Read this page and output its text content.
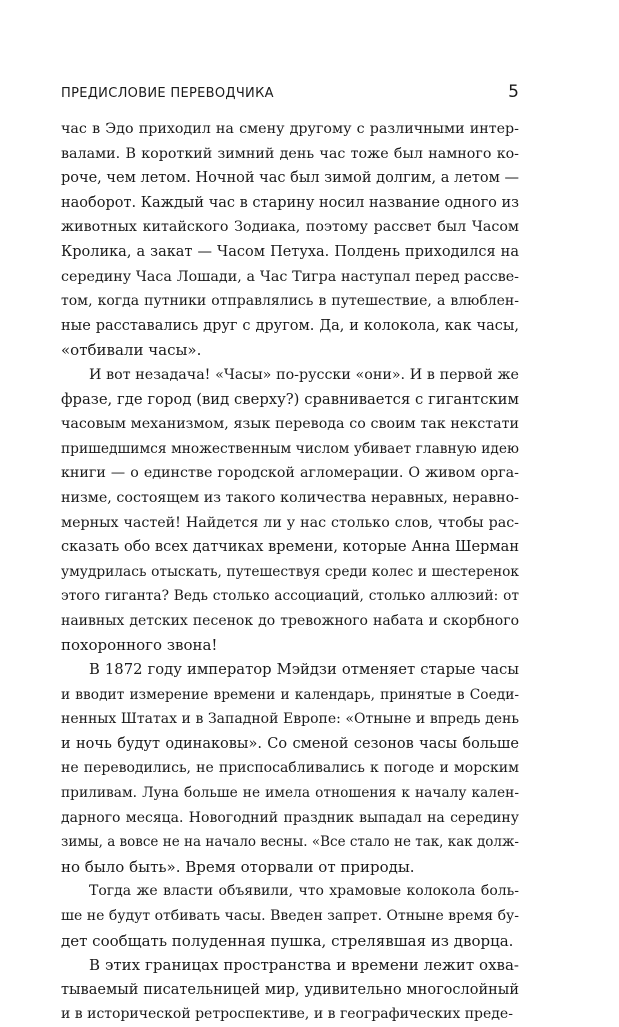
ПРЕДИСЛОВИЕ ПЕРЕВОДЧИКА	5

час в Эдо приходил на смену другому с различными интер-
валами. В короткий зимний день час тоже был намного ко-
роче, чем летом. Ночной час был зимой долгим, а летом —
наоборот. Каждый час в старину носил название одного из
животных китайского Зодиака, поэтому рассвет был Часом
Кролика, а закат — Часом Петуха. Полдень приходился на
середину Часа Лошади, а Час Тигра наступал перед рассве-
том, когда путники отправлялись в путешествие, а влюблен-
ные расставались друг с другом. Да, и колокола, как часы,
«отбивали часы».

И вот незадача! «Часы» по-русски «они». И в первой же
фразе, где город (вид сверху?) сравнивается с гигантским
часовым механизмом, язык перевода со своим так некстати
пришедшимся множественным числом убивает главную идею
книги — о единстве городской агломерации. О живом орга-
низме, состоящем из такого количества неравных, неравно-
мерных частей! Найдется ли у нас столько слов, чтобы рас-
сказать обо всех датчиках времени, которые Анна Шерман
умудрилась отыскать, путешествуя среди колес и шестеренок
этого гиганта? Ведь столько ассоциаций, столько аллюзий: от
наивных детских песенок до тревожного набата и скорбного
похоронного звона!

В 1872 году император Мэйдзи отменяет старые часы
и вводит измерение времени и календарь, принятые в Соеди-
ненных Штатах и в Западной Европе: «Отныне и впредь день
и ночь будут одинаковы». Со сменой сезонов часы больше
не переводились, не приспосабливались к погоде и морским
приливам. Луна больше не имела отношения к началу кален-
дарного месяца. Новогодний праздник выпадал на середину
зимы, а вовсе не на начало весны. «Все стало не так, как долж-
но было быть». Время оторвали от природы.

Тогда же власти объявили, что храмовые колокола боль-
ше не будут отбивать часы. Введен запрет. Отныне время бу-
дет сообщать полуденная пушка, стрелявшая из дворца.

В этих границах пространства и времени лежит охва-
тываемый писательницей мир, удивительно многослойный
и в исторической ретроспективе, и в географических преде-
